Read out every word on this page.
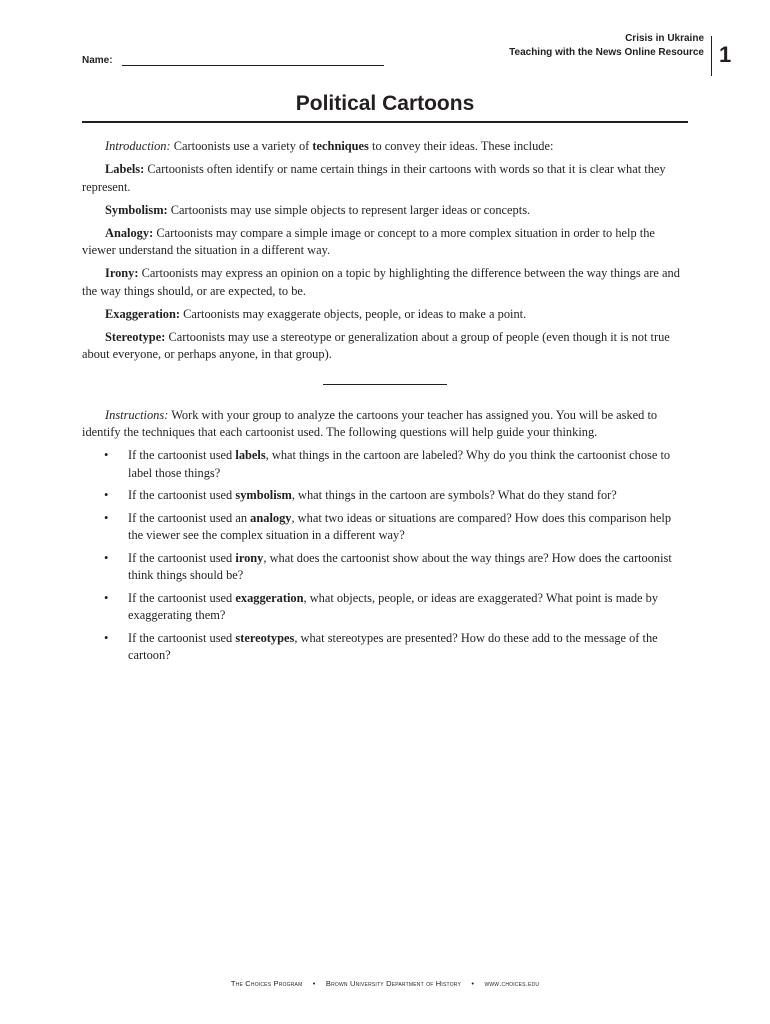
Crisis in Ukraine
Teaching with the News Online Resource 1
Name:
Political Cartoons

Introduction: Cartoonists use a variety of techniques to convey their ideas. These include:

Labels: Cartoonists often identify or name certain things in their cartoons with words so that it is clear what they represent.

Symbolism: Cartoonists may use simple objects to represent larger ideas or concepts.

Analogy: Cartoonists may compare a simple image or concept to a more complex situation in order to help the viewer understand the situation in a different way.

Irony: Cartoonists may express an opinion on a topic by highlighting the difference between the way things are and the way things should, or are expected, to be.

Exaggeration: Cartoonists may exaggerate objects, people, or ideas to make a point.

Stereotype: Cartoonists may use a stereotype or generalization about a group of people (even though it is not true about everyone, or perhaps anyone, in that group).

Instructions: Work with your group to analyze the cartoons your teacher has assigned you. You will be asked to identify the techniques that each cartoonist used. The following questions will help guide your thinking.

• If the cartoonist used labels, what things in the cartoon are labeled? Why do you think the cartoonist chose to label those things?
• If the cartoonist used symbolism, what things in the cartoon are symbols? What do they stand for?
• If the cartoonist used an analogy, what two ideas or situations are compared? How does this comparison help the viewer see the complex situation in a different way?
• If the cartoonist used irony, what does the cartoonist show about the way things are? How does the cartoonist think things should be?
• If the cartoonist used exaggeration, what objects, people, or ideas are exaggerated? What point is made by exaggerating them?
• If the cartoonist used stereotypes, what stereotypes are presented? How do these add to the message of the cartoon?
The Choices Program • Brown University Department of History • www.choices.edu
